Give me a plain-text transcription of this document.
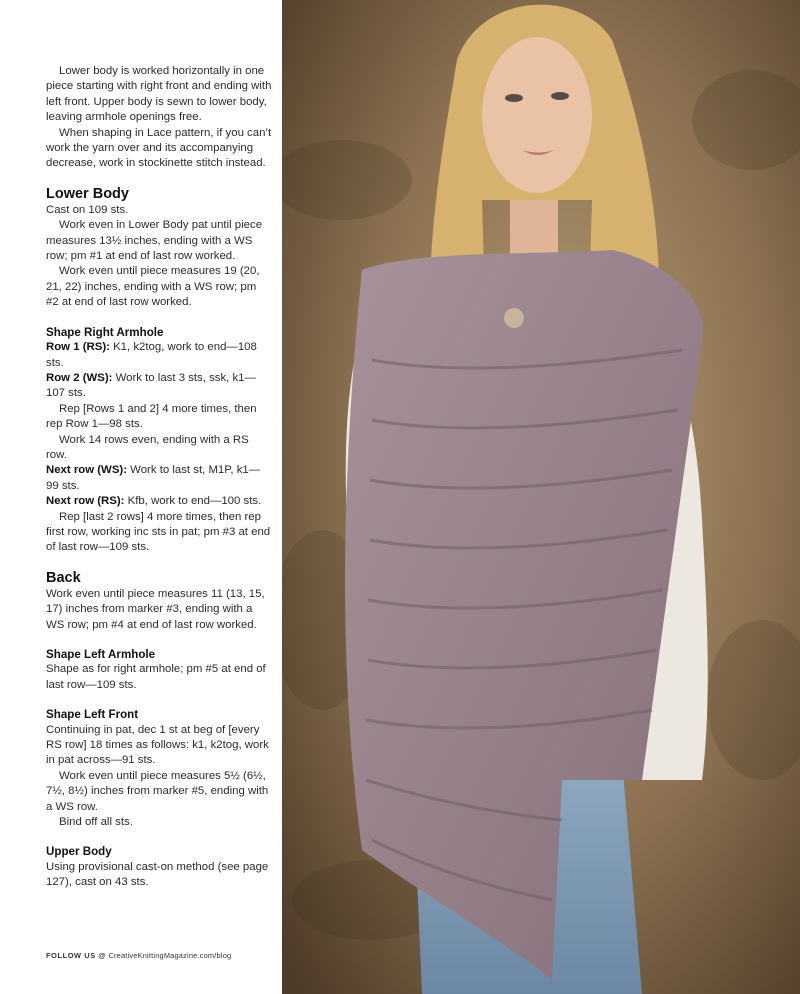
Lower body is worked horizontally in one piece starting with right front and ending with left front. Upper body is sewn to lower body, leaving armhole openings free.

When shaping in Lace pattern, if you can’t work the yarn over and its accompanying decrease, work in stockinette stitch instead.

Lower Body

Cast on 109 sts.

Work even in Lower Body pat until piece measures 13½ inches, ending with a WS row; pm #1 at end of last row worked.

Work even until piece measures 19 (20, 21, 22) inches, ending with a WS row; pm #2 at end of last row worked.

Shape Right Armhole

Row 1 (RS): K1, k2tog, work to end—108 sts.

Row 2 (WS): Work to last 3 sts, ssk, k1—107 sts.

Rep [Rows 1 and 2] 4 more times, then rep Row 1—98 sts.

Work 14 rows even, ending with a RS row.

Next row (WS): Work to last st, M1P, k1—99 sts.

Next row (RS): Kfb, work to end—100 sts.

Rep [last 2 rows] 4 more times, then rep first row, working inc sts in pat; pm #3 at end of last row—109 sts.

Back

Work even until piece measures 11 (13, 15, 17) inches from marker #3, ending with a WS row; pm #4 at end of last row worked.

Shape Left Armhole

Shape as for right armhole; pm #5 at end of last row—109 sts.

Shape Left Front

Continuing in pat, dec 1 st at beg of [every RS row] 18 times as follows: k1, k2tog, work in pat across—91 sts.

Work even until piece measures 5½ (6½, 7½, 8½) inches from marker #5, ending with a WS row.

Bind off all sts.

Upper Body

Using provisional cast-on method (see page 127), cast on 43 sts.

FOLLOW US @ CreativeKnittingMagazine.com/blog
